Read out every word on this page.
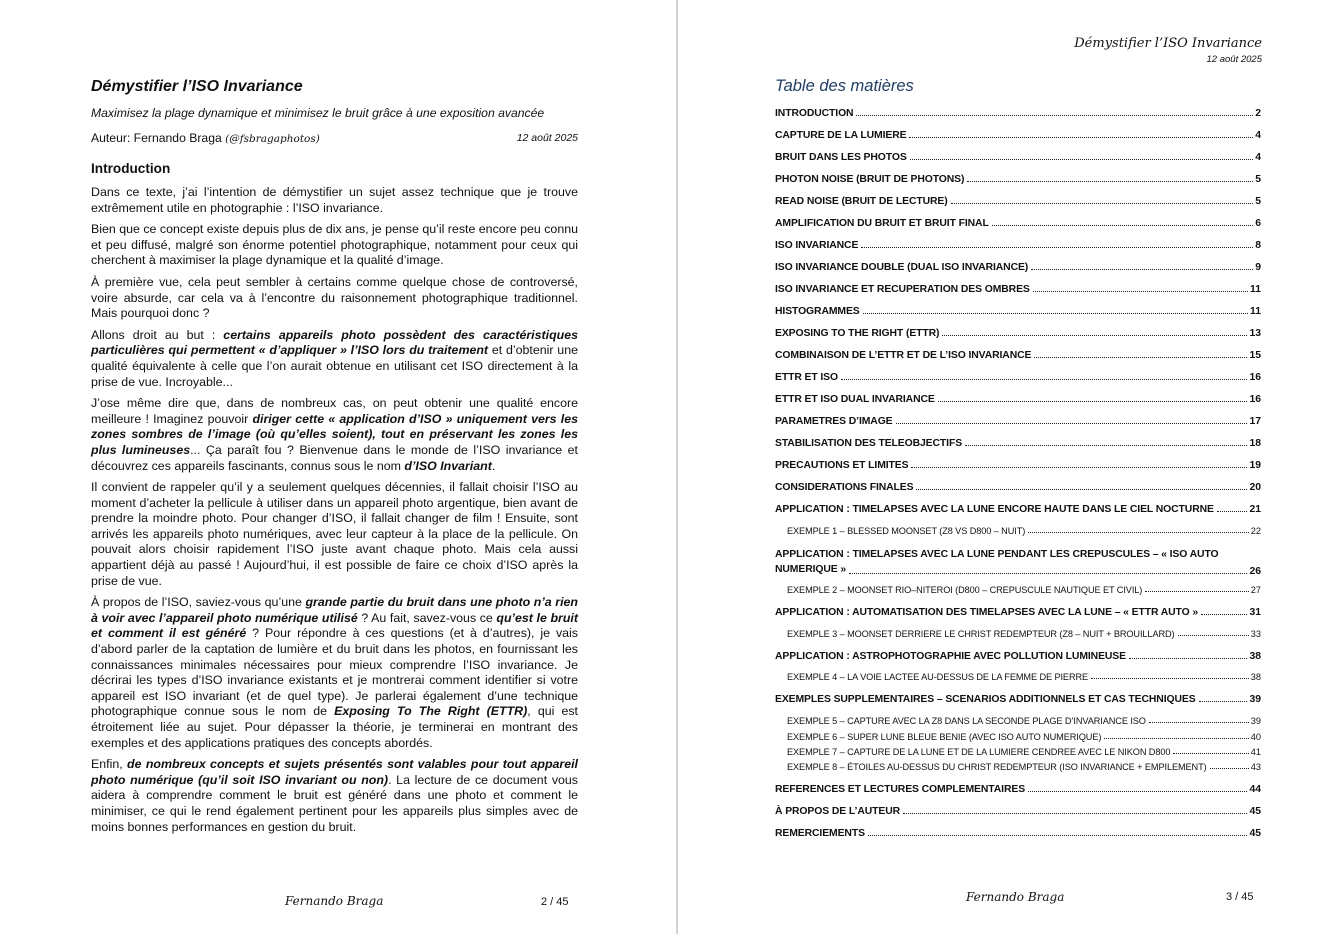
Démystifier l’ISO Invariance
Maximisez la plage dynamique et minimisez le bruit grâce à une exposition avancée
Auteur: Fernando Braga (@fsbragaphotos)	12 août 2025
Introduction

Dans ce texte, j’ai l’intention de démystifier un sujet assez technique que je trouve extrêmement utile en photographie : l’ISO invariance.

Bien que ce concept existe depuis plus de dix ans, je pense qu’il reste encore peu connu et peu diffusé, malgré son énorme potentiel photographique, notamment pour ceux qui cherchent à maximiser la plage dynamique et la qualité d’image.

À première vue, cela peut sembler à certains comme quelque chose de controversé, voire absurde, car cela va à l’encontre du raisonnement photographique traditionnel. Mais pourquoi donc ?

Allons droit au but : certains appareils photo possèdent des caractéristiques particulières qui permettent « d’appliquer » l’ISO lors du traitement et d’obtenir une qualité équivalente à celle que l’on aurait obtenue en utilisant cet ISO directement à la prise de vue. Incroyable...

J’ose même dire que, dans de nombreux cas, on peut obtenir une qualité encore meilleure ! Imaginez pouvoir diriger cette « application d’ISO » uniquement vers les zones sombres de l’image (où qu’elles soient), tout en préservant les zones les plus lumineuses... Ça paraît fou ? Bienvenue dans le monde de l’ISO invariance et découvrez ces appareils fascinants, connus sous le nom d’ISO Invariant.

Il convient de rappeler qu’il y a seulement quelques décennies, il fallait choisir l’ISO au moment d’acheter la pellicule à utiliser dans un appareil photo argentique, bien avant de prendre la moindre photo. Pour changer d’ISO, il fallait changer de film ! Ensuite, sont arrivés les appareils photo numériques, avec leur capteur à la place de la pellicule. On pouvait alors choisir rapidement l’ISO juste avant chaque photo. Mais cela aussi appartient déjà au passé ! Aujourd’hui, il est possible de faire ce choix d’ISO après la prise de vue.

À propos de l’ISO, saviez-vous qu’une grande partie du bruit dans une photo n’a rien à voir avec l’appareil photo numérique utilisé ? Au fait, savez-vous ce qu’est le bruit et comment il est généré ? Pour répondre à ces questions (et à d’autres), je vais d’abord parler de la captation de lumière et du bruit dans les photos, en fournissant les connaissances minimales nécessaires pour mieux comprendre l’ISO invariance. Je décrirai les types d’ISO invariance existants et je montrerai comment identifier si votre appareil est ISO invariant (et de quel type). Je parlerai également d’une technique photographique connue sous le nom de Exposing To The Right (ETTR), qui est étroitement liée au sujet. Pour dépasser la théorie, je terminerai en montrant des exemples et des applications pratiques des concepts abordés.

Enfin, de nombreux concepts et sujets présentés sont valables pour tout appareil photo numérique (qu’il soit ISO invariant ou non). La lecture de ce document vous aidera à comprendre comment le bruit est généré dans une photo et comment le minimiser, ce qui le rend également pertinent pour les appareils plus simples avec de moins bonnes performances en gestion du bruit.

Fernando Braga	2 / 45
Démystifier l’ISO Invariance
12 août 2025
Table des matières
INTRODUCTION	2
CAPTURE DE LA LUMIERE	4
BRUIT DANS LES PHOTOS	4
PHOTON NOISE (BRUIT DE PHOTONS)	5
READ NOISE (BRUIT DE LECTURE)	5
AMPLIFICATION DU BRUIT ET BRUIT FINAL	6
ISO INVARIANCE	8
ISO INVARIANCE DOUBLE (DUAL ISO INVARIANCE)	9
ISO INVARIANCE ET RECUPERATION DES OMBRES	11
HISTOGRAMMES	11
EXPOSING TO THE RIGHT (ETTR)	13
COMBINAISON DE L’ETTR ET DE L’ISO INVARIANCE	15
ETTR ET ISO	16
ETTR ET ISO DUAL INVARIANCE	16
PARAMETRES D’IMAGE	17
STABILISATION DES TELEOBJECTIFS	18
PRECAUTIONS ET LIMITES	19
CONSIDERATIONS FINALES	20
APPLICATION : TIMELAPSES AVEC LA LUNE ENCORE HAUTE DANS LE CIEL NOCTURNE	21
EXEMPLE 1 – BLESSED MOONSET (Z8 VS D800 – NUIT)	22
APPLICATION : TIMELAPSES AVEC LA LUNE PENDANT LES CREPUSCULES – « ISO AUTO
NUMERIQUE »	26
EXEMPLE 2 – MOONSET RIO–NITEROI (D800 – CREPUSCULE NAUTIQUE ET CIVIL)	27
APPLICATION : AUTOMATISATION DES TIMELAPSES AVEC LA LUNE – « ETTR AUTO »	31
EXEMPLE 3 – MOONSET DERRIERE LE CHRIST REDEMPTEUR (Z8 – NUIT + BROUILLARD)	33
APPLICATION : ASTROPHOTOGRAPHIE AVEC POLLUTION LUMINEUSE	38
EXEMPLE 4 – LA VOIE LACTEE AU-DESSUS DE LA FEMME DE PIERRE	38
EXEMPLES SUPPLEMENTAIRES – SCENARIOS ADDITIONNELS ET CAS TECHNIQUES	39
EXEMPLE 5 – CAPTURE AVEC LA Z8 DANS LA SECONDE PLAGE D’INVARIANCE ISO	39
EXEMPLE 6 – SUPER LUNE BLEUE BENIE (AVEC ISO AUTO NUMERIQUE)	40
EXEMPLE 7 – CAPTURE DE LA LUNE ET DE LA LUMIERE CENDREE AVEC LE NIKON D800	41
EXEMPLE 8 – ÉTOILES AU-DESSUS DU CHRIST REDEMPTEUR (ISO INVARIANCE + EMPILEMENT)	43
REFERENCES ET LECTURES COMPLEMENTAIRES	44
À PROPOS DE L’AUTEUR	45
REMERCIEMENTS	45
Fernando Braga	3 / 45
